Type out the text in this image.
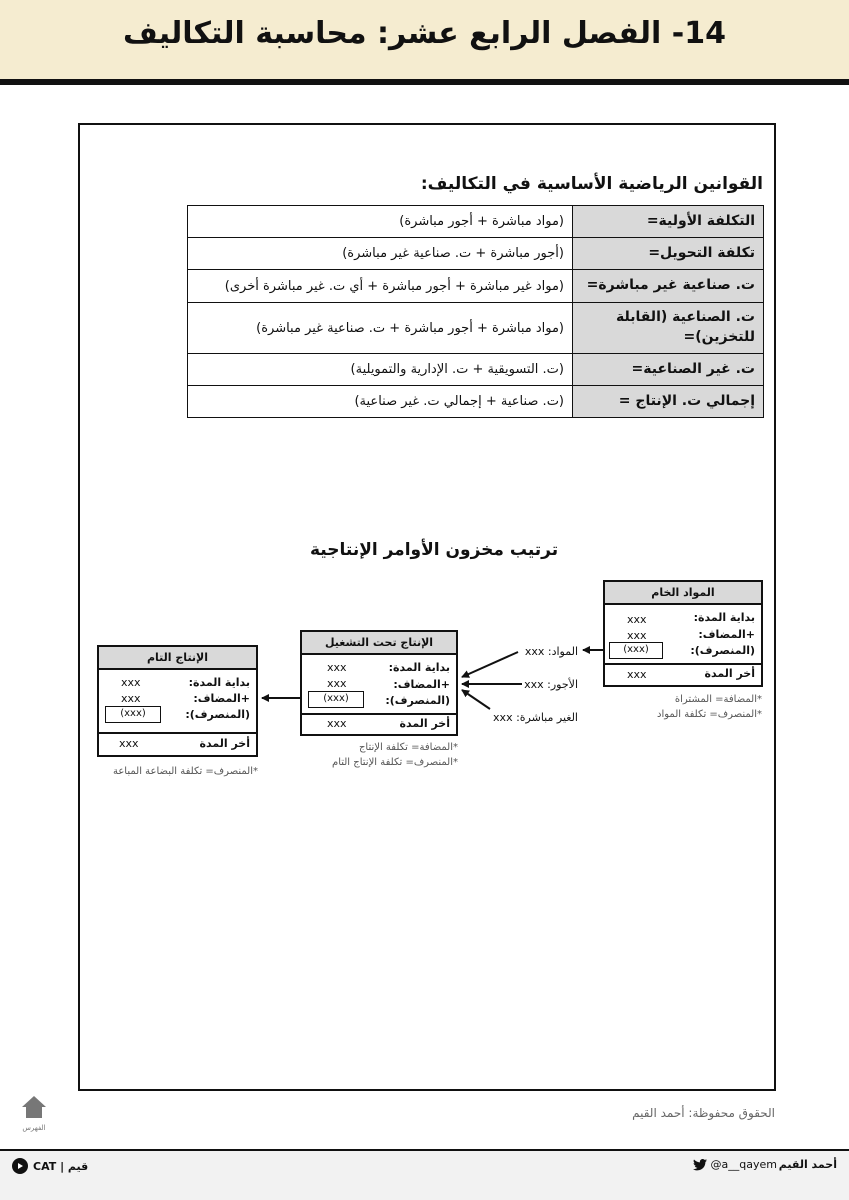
14- الفصل الرابع عشر: محاسبة التكاليف
القوانين الرياضية الأساسية في التكاليف:
التكلفة الأولية=	(مواد مباشرة + أجور مباشرة)
تكلفة التحويل=	(أجور مباشرة + ت. صناعية غير مباشرة)
ت. صناعية غير مباشرة=	(مواد غير مباشرة + أجور مباشرة + أي ت. غير مباشرة أخرى)
ت. الصناعية (القابلة للتخزين)=	(مواد مباشرة + أجور مباشرة + ت. صناعية غير مباشرة)
ت. غير الصناعية=	(ت. التسويقية + ت. الإدارية والتمويلية)
إجمالي ت. الإنتاج =	(ت. صناعية + إجمالي ت. غير صناعية)
ترتيب مخزون الأوامر الإنتاجية
المواد الخام
بداية المدة:
xxx
+المضاف:
xxx
(المنصرف):
(xxx)
أخر المدة
xxx
*المضافة= المشتراة
*المنصرف= تكلفة المواد
الإنتاج تحت التشغيل
بداية المدة:
xxx
+المضاف:
xxx
(المنصرف):
(xxx)
أخر المدة
xxx
*المضافة= تكلفة الإنتاج
*المنصرف= تكلفة الإنتاج التام
الإنتاج التام
بداية المدة:
xxx
+المضاف:
xxx
(المنصرف):
(xxx)
أخر المدة
xxx
*المنصرف= تكلفة البضاعة المباعة
المواد: xxx
الأجور: xxx
الغير مباشرة: xxx
الحقوق محفوظة: أحمد القيم
الفهرس
أحمد القيم
@a__qayem
قيم | CAT
